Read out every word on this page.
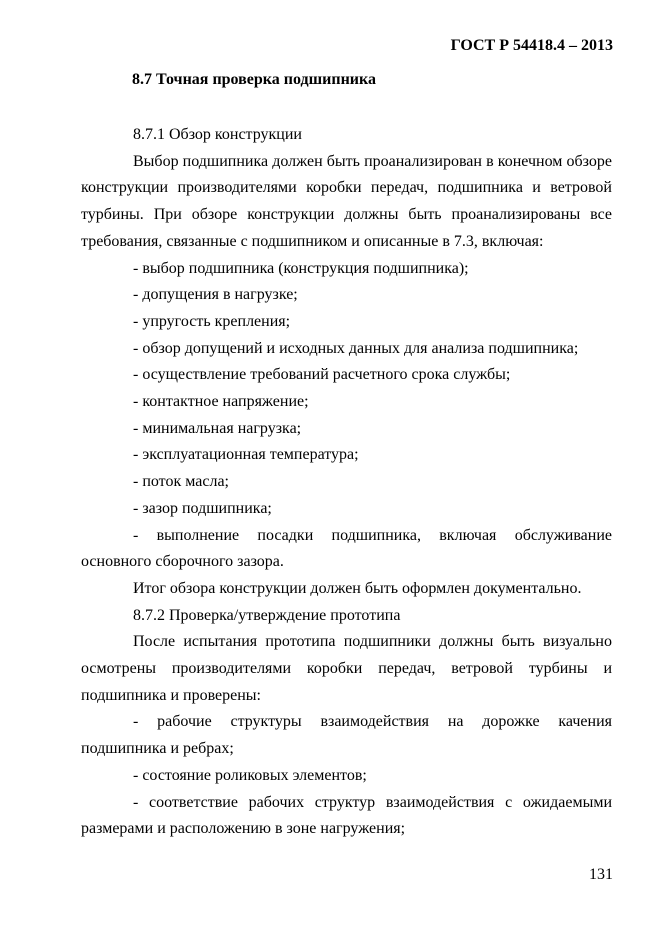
ГОСТ Р 54418.4 – 2013
8.7 Точная проверка подшипника

8.7.1 Обзор конструкции

Выбор подшипника должен быть проанализирован в конечном обзоре конструкции производителями коробки передач, подшипника и ветровой турбины. При обзоре конструкции должны быть проанализированы все требования, связанные с подшипником и описанные в 7.3, включая:

- выбор подшипника (конструкция подшипника);

- допущения в нагрузке;

- упругость крепления;

- обзор допущений и исходных данных для анализа подшипника;

- осуществление требований расчетного срока службы;

- контактное напряжение;

- минимальная нагрузка;

- эксплуатационная температура;

- поток масла;

- зазор подшипника;

- выполнение посадки подшипника, включая обслуживание основного сборочного зазора.

Итог обзора конструкции должен быть оформлен документально.

8.7.2 Проверка/утверждение прототипа

После испытания прототипа подшипники должны быть визуально осмотрены производителями коробки передач, ветровой турбины и подшипника и проверены:

- рабочие структуры взаимодействия на дорожке качения подшипника и ребрах;

- состояние роликовых элементов;

- соответствие рабочих структур взаимодействия с ожидаемыми размерами и расположению в зоне нагружения;

131
